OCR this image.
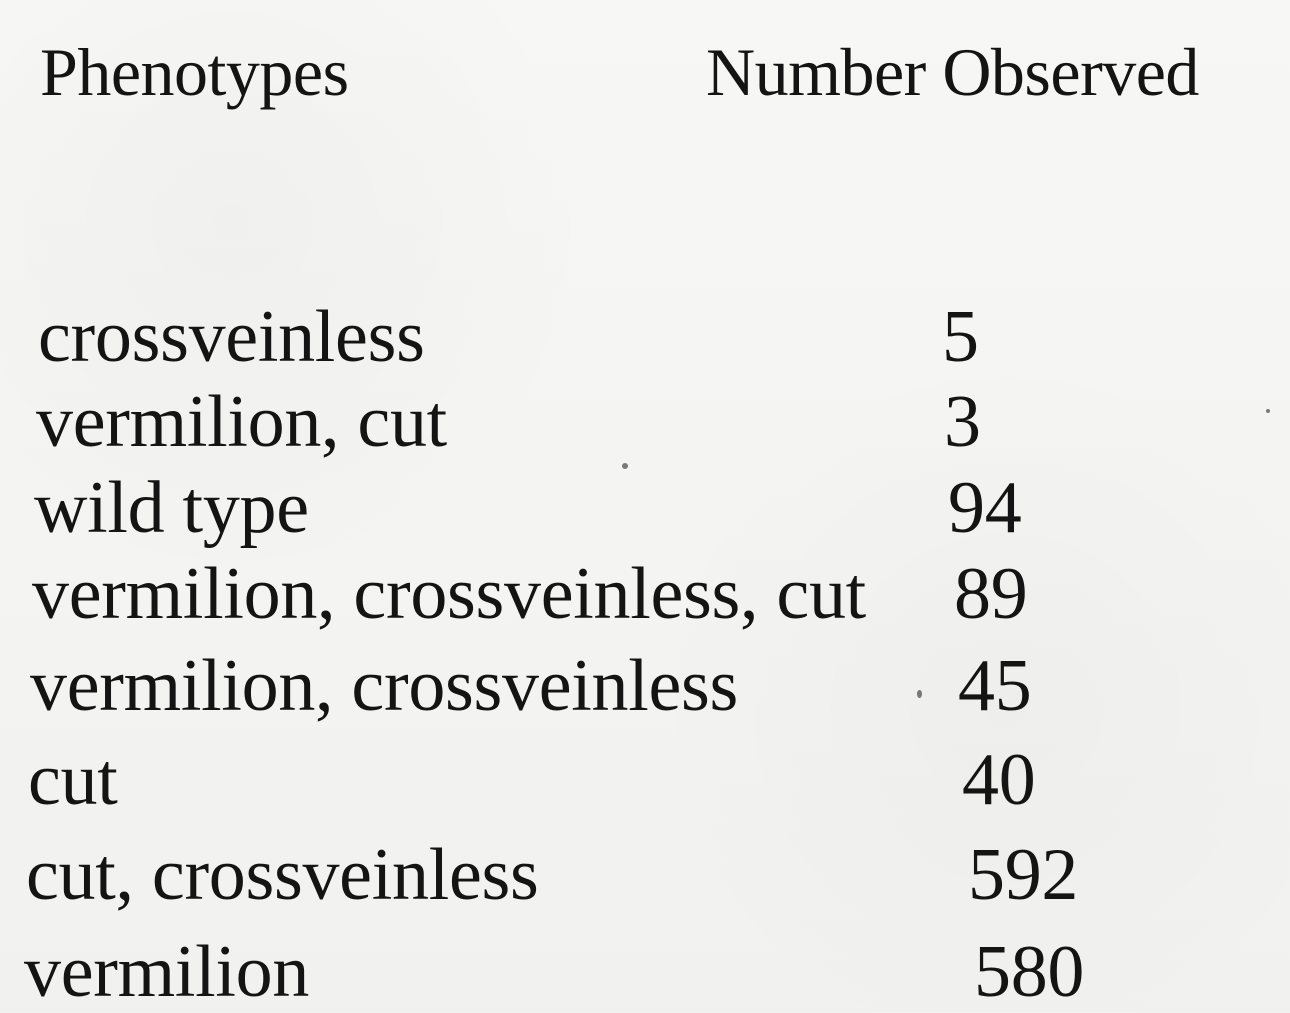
Phenotypes	Number Observed
crossveinless	5
vermilion, cut	3
wild type	94
vermilion, crossveinless, cut 89
vermilion, crossveinless	45
cut	40
cut, crossveinless	592
vermilion	580
